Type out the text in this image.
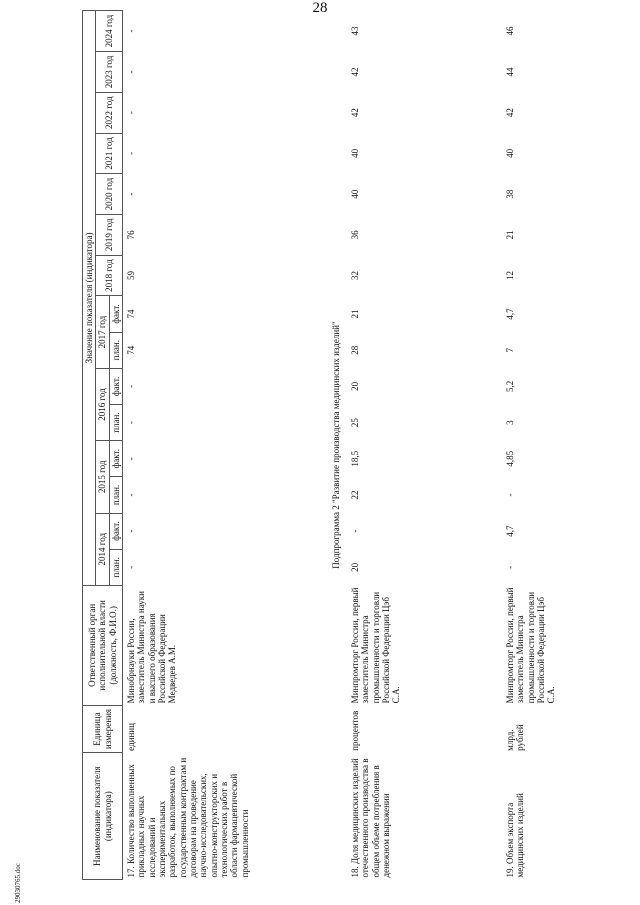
28
Наименование показателя (индикатора)	Единица измерения	Ответственный орган исполнительной власти (должность, Ф.И.О.)	Значение показателя (индикатора)														
			2014 год		2015 год		2016 год		2017 год		2018 год	2019 год	2020 год	2021 год	2022 год	2023 год	2024 год
			план.	факт.	план.	факт.	план.	факт.	план.	факт.							
17. Количество выполненных прикладных научных исследований и экспериментальных разработок, выполняемых по государственным контрактам и договорам на проведение научно-исследовательских, опытно-конструкторских и технологических работ в области фармацевтической промышленности	единиц	Минобрнауки России, заместитель Министра науки и высшего образования Российской Федерации Медведев А.М.	-	-	-	-	-	-	74	74	59	76	-	-	-	-	-
Подпрограмма 2 "Развитие производства медицинских изделий"																	
18. Доля медицинских изделий отечественного производства в общем объеме потребления в денежном выражении	процентов	Минпромторг России, первый заместитель Министра промышленности и торговли Российской Федерации Цэб С.А.	20	-	22	18,5	25	20	28	21	32	36	40	40	42	42	43
19. Объем экспорта медицинских изделий	млрд. рублей	Минпромторг России, первый заместитель Министра промышленности и торговли Российской Федерации Цэб С.А.	-	4,7	-	4,85	3	5,2	7	4,7	12	21	38	40	42	44	46
29030765.doc
